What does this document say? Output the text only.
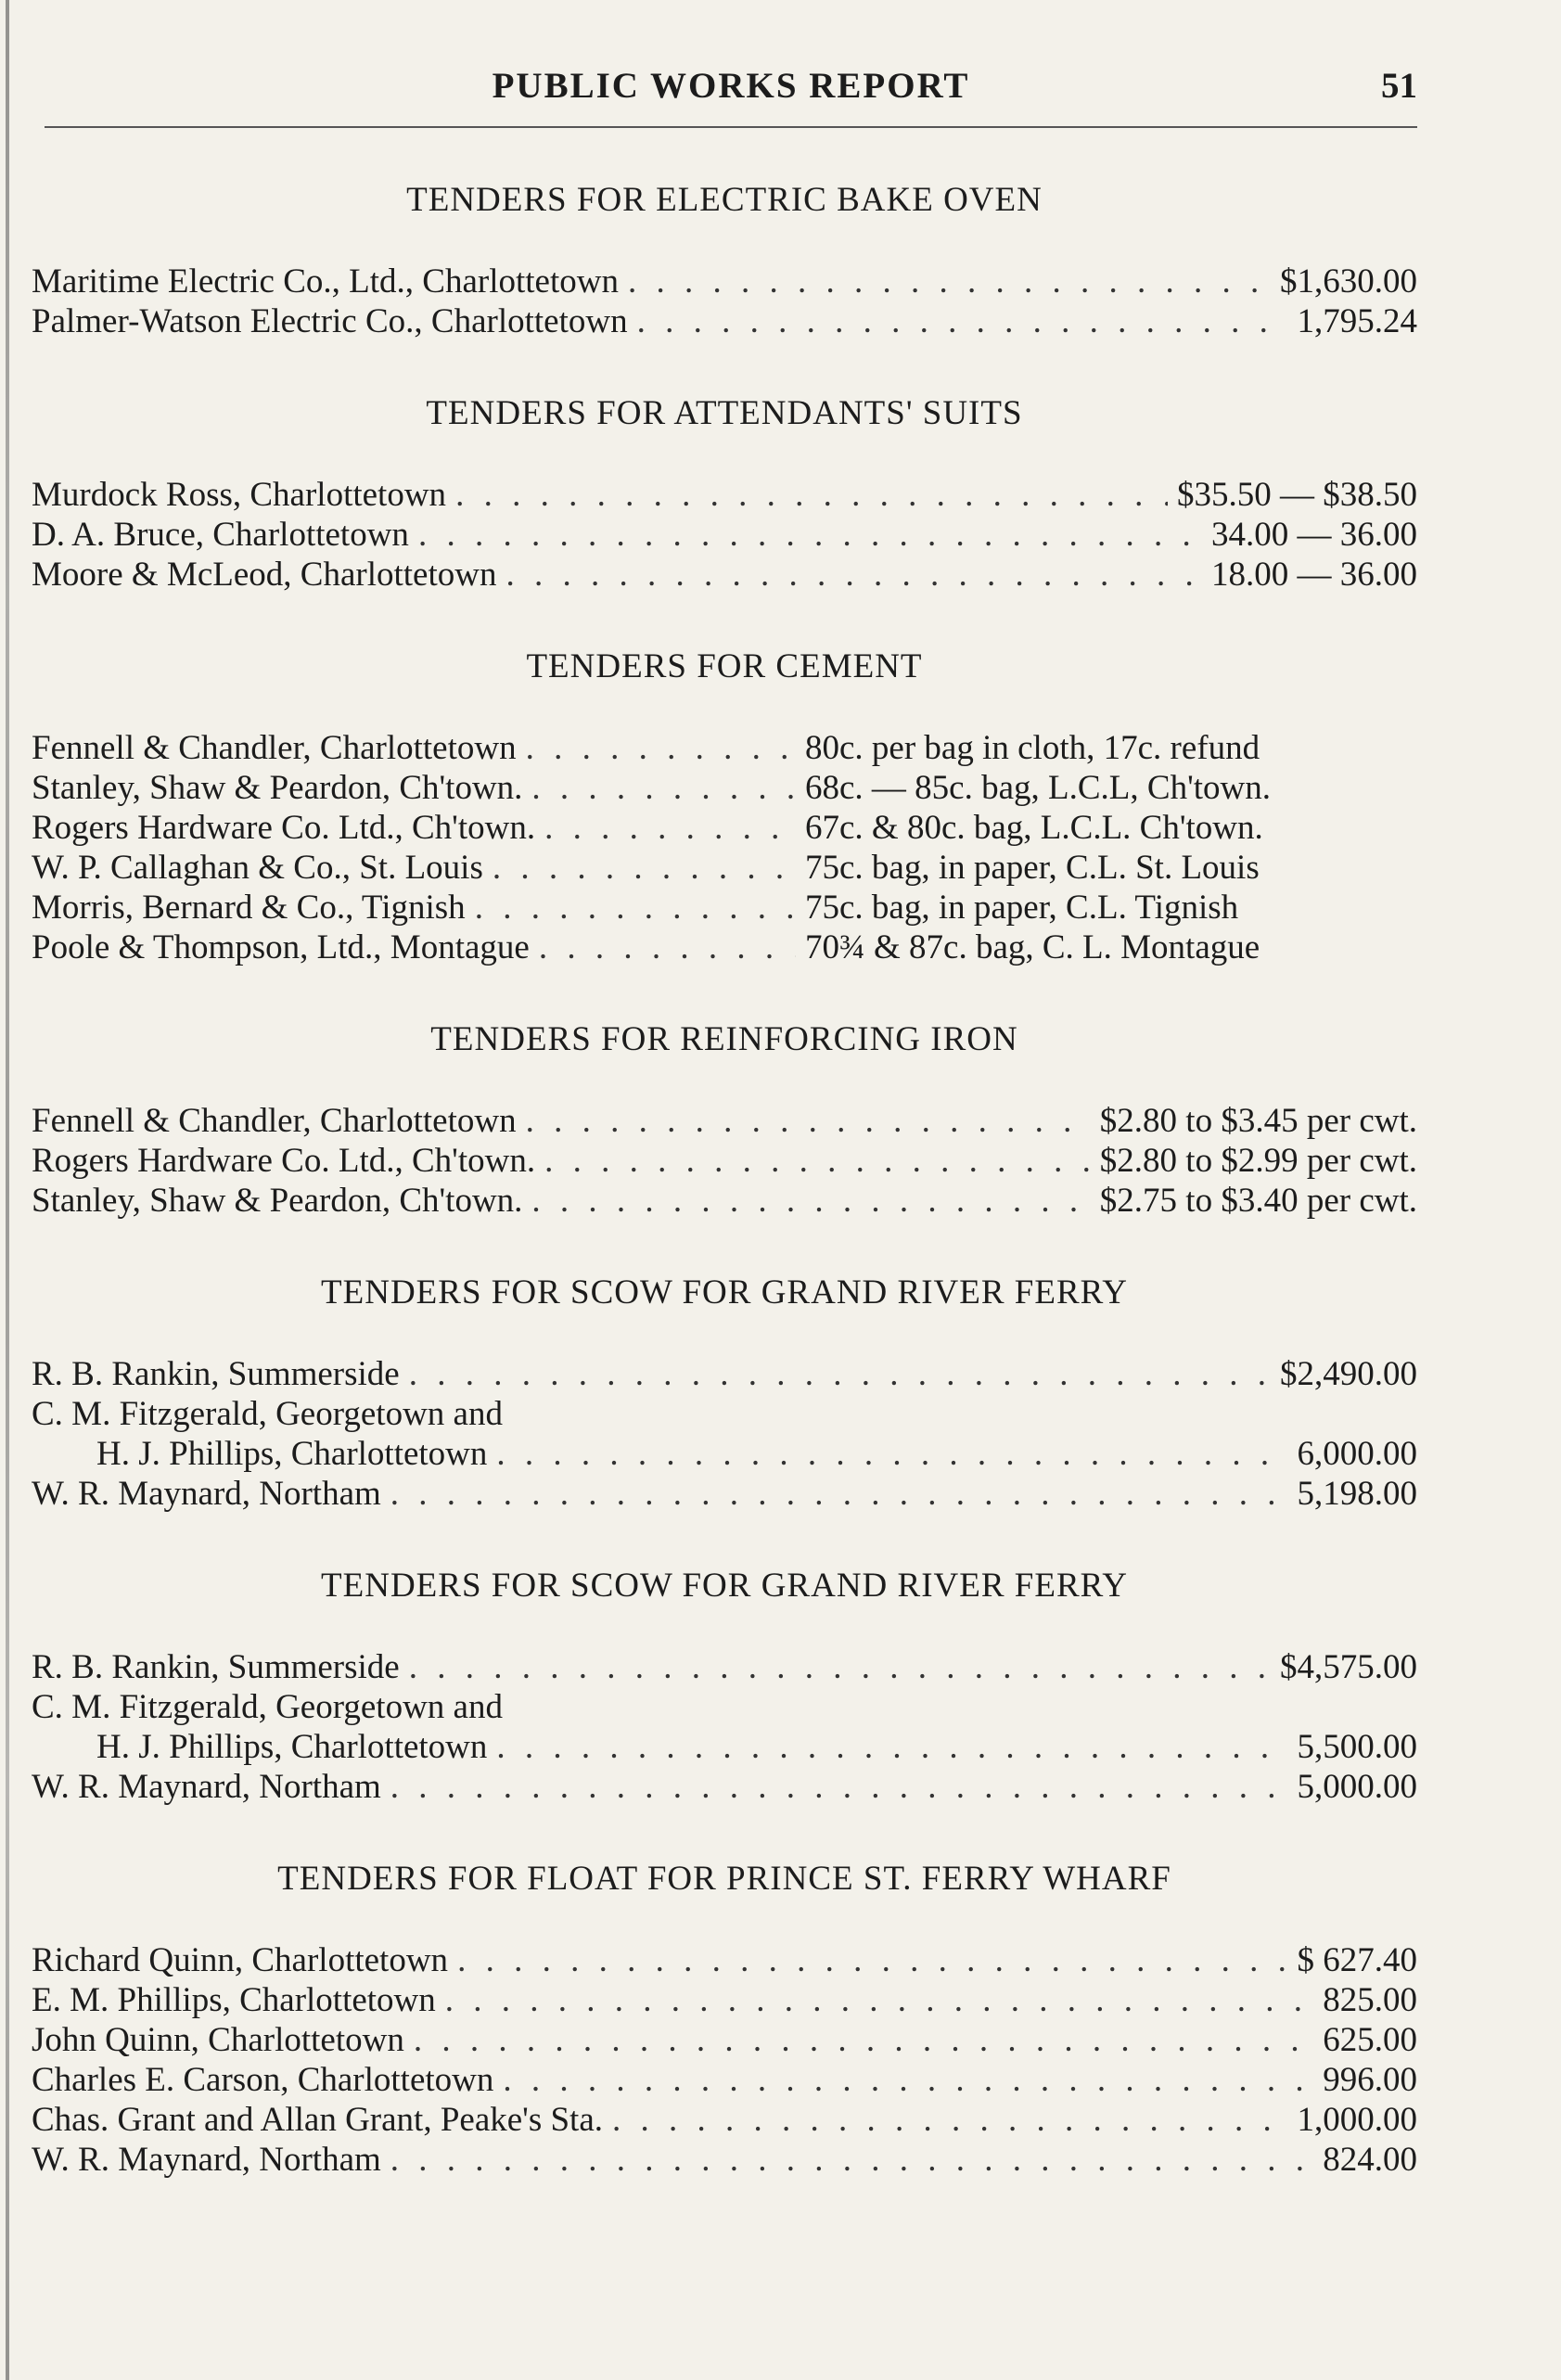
PUBLIC WORKS REPORT	51
TENDERS FOR ELECTRIC BAKE OVEN
Maritime Electric Co., Ltd., Charlottetown . . .	$1,630.00
Palmer-Watson Electric Co., Charlottetown . . .	1,795.24
TENDERS FOR ATTENDANTS' SUITS
Murdock Ross, Charlottetown . . .	$35.50 — $38.50
D. A. Bruce, Charlottetown . . .	34.00 — 36.00
Moore & McLeod, Charlottetown . . .	18.00 — 36.00
TENDERS FOR CEMENT
Fennell & Chandler, Charlottetown . . .	80c. per bag in cloth, 17c. refund
Stanley, Shaw & Peardon, Ch'town. . . .	68c. — 85c. bag, L.C.L, Ch'town.
Rogers Hardware Co. Ltd., Ch'town. . . .	67c. & 80c. bag, L.C.L. Ch'town.
W. P. Callaghan & Co., St. Louis . . .	75c. bag, in paper, C.L. St. Louis
Morris, Bernard & Co., Tignish . . .	75c. bag, in paper, C.L. Tignish
Poole & Thompson, Ltd., Montague . . .	70¾ & 87c. bag, C. L. Montague
TENDERS FOR REINFORCING IRON
Fennell & Chandler, Charlottetown . . .	$2.80 to $3.45 per cwt.
Rogers Hardware Co. Ltd., Ch'town. . . .	$2.80 to $2.99 per cwt.
Stanley, Shaw & Peardon, Ch'town. . . .	$2.75 to $3.40 per cwt.
TENDERS FOR SCOW FOR GRAND RIVER FERRY
R. B. Rankin, Summerside . . .	$2,490.00
C. M. Fitzgerald, Georgetown and
H. J. Phillips, Charlottetown . . .	6,000.00
W. R. Maynard, Northam . . .	5,198.00
TENDERS FOR SCOW FOR GRAND RIVER FERRY
R. B. Rankin, Summerside . . .	$4,575.00
C. M. Fitzgerald, Georgetown and
H. J. Phillips, Charlottetown . . .	5,500.00
W. R. Maynard, Northam . . .	5,000.00
TENDERS FOR FLOAT FOR PRINCE ST. FERRY WHARF
Richard Quinn, Charlottetown . . .	$ 627.40
E. M. Phillips, Charlottetown . . .	825.00
John Quinn, Charlottetown . . .	625.00
Charles E. Carson, Charlottetown . . .	996.00
Chas. Grant and Allan Grant, Peake's Sta. . . .	1,000.00
W. R. Maynard, Northam . . .	824.00
